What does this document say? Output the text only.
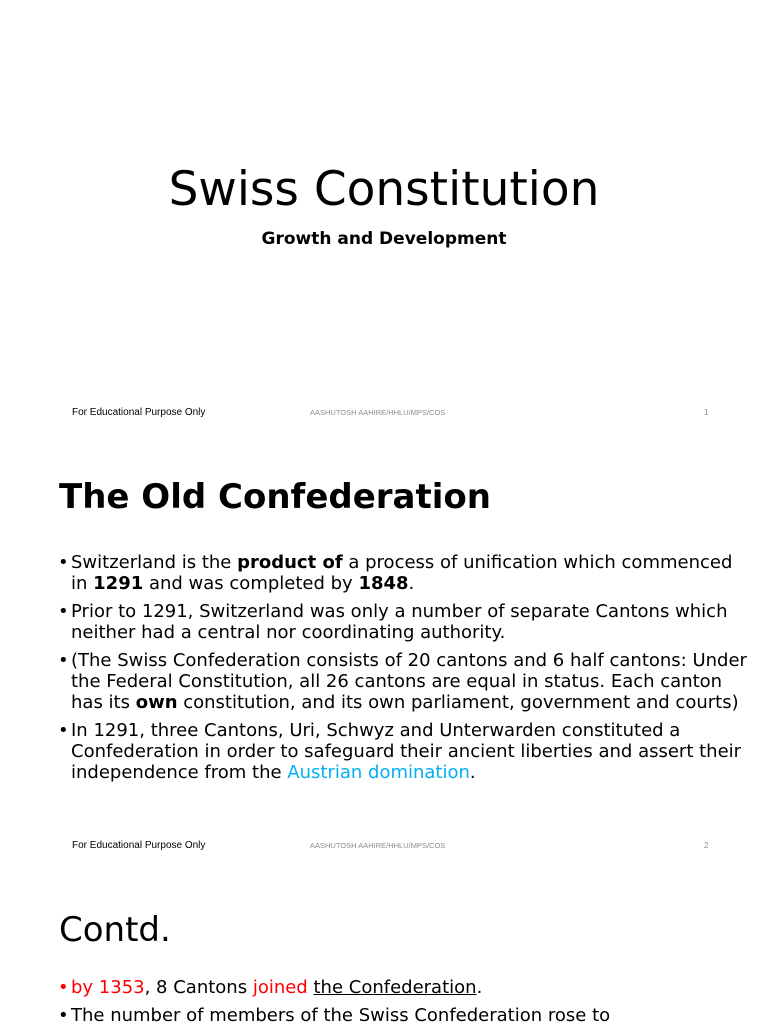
Swiss Constitution
Growth and Development
For Educational Purpose Only	AASHUTOSH AAHIRE/HHLU/MPS/COS	1
The Old Confederation
• Switzerland is the product of a process of unification which commenced in 1291 and was completed by 1848.
• Prior to 1291, Switzerland was only a number of separate Cantons which neither had a central nor coordinating authority.
• (The Swiss Confederation consists of 20 cantons and 6 half cantons: Under the Federal Constitution, all 26 cantons are equal in status. Each canton has its own constitution, and its own parliament, government and courts)
• In 1291, three Cantons, Uri, Schwyz and Unterwarden constituted a Confederation in order to safeguard their ancient liberties and assert their independence from the Austrian domination.
For Educational Purpose Only	AASHUTOSH AAHIRE/HHLU/MPS/COS	2
Contd.
• by 1353, 8 Cantons joined the Confederation.
• The number of members of the Swiss Confederation rose to
